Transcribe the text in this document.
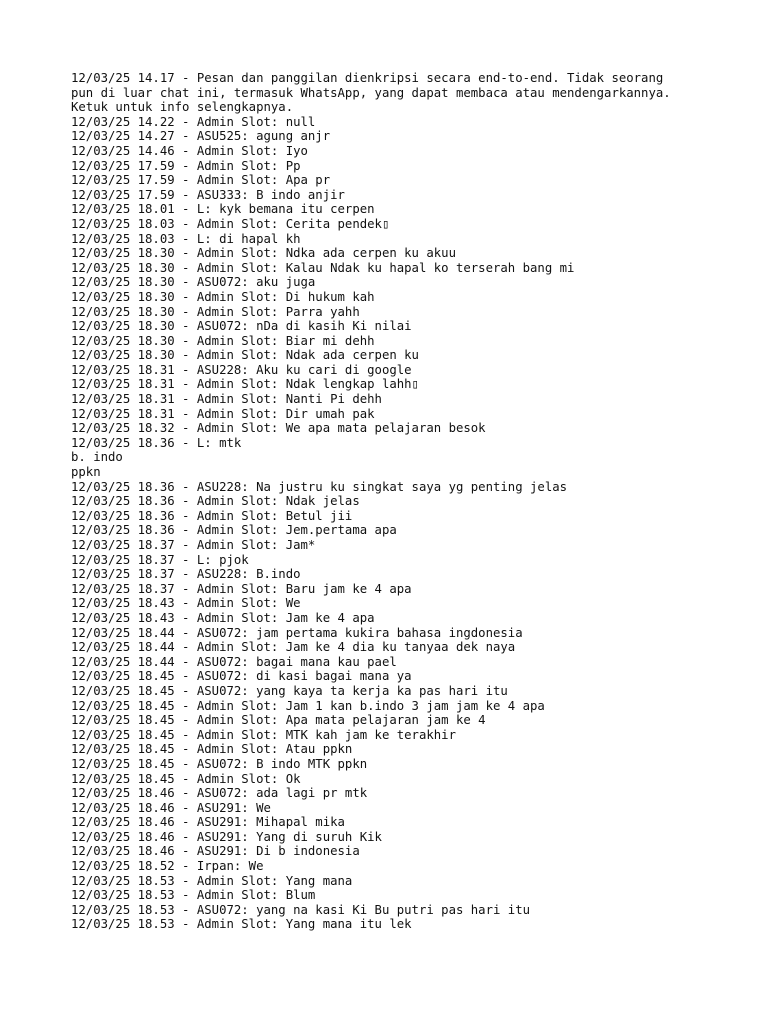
12/03/25 14.17 - Pesan dan panggilan dienkripsi secara end-to-end. Tidak seorang
pun di luar chat ini, termasuk WhatsApp, yang dapat membaca atau mendengarkannya.
Ketuk untuk info selengkapnya.
12/03/25 14.22 - Admin Slot: null
12/03/25 14.27 - ASU525: agung anjr
12/03/25 14.46 - Admin Slot: Iyo
12/03/25 17.59 - Admin Slot: Pp
12/03/25 17.59 - Admin Slot: Apa pr
12/03/25 17.59 - ASU333: B indo anjir
12/03/25 18.01 - L: kyk bemana itu cerpen
12/03/25 18.03 - Admin Slot: Cerita pendek▯
12/03/25 18.03 - L: di hapal kh
12/03/25 18.30 - Admin Slot: Ndka ada cerpen ku akuu
12/03/25 18.30 - Admin Slot: Kalau Ndak ku hapal ko terserah bang mi
12/03/25 18.30 - ASU072: aku juga
12/03/25 18.30 - Admin Slot: Di hukum kah
12/03/25 18.30 - Admin Slot: Parra yahh
12/03/25 18.30 - ASU072: nDa di kasih Ki nilai
12/03/25 18.30 - Admin Slot: Biar mi dehh
12/03/25 18.30 - Admin Slot: Ndak ada cerpen ku
12/03/25 18.31 - ASU228: Aku ku cari di google
12/03/25 18.31 - Admin Slot: Ndak lengkap lahh▯
12/03/25 18.31 - Admin Slot: Nanti Pi dehh
12/03/25 18.31 - Admin Slot: Dir umah pak
12/03/25 18.32 - Admin Slot: We apa mata pelajaran besok
12/03/25 18.36 - L: mtk
b. indo
ppkn
12/03/25 18.36 - ASU228: Na justru ku singkat saya yg penting jelas
12/03/25 18.36 - Admin Slot: Ndak jelas
12/03/25 18.36 - Admin Slot: Betul jii
12/03/25 18.36 - Admin Slot: Jem.pertama apa
12/03/25 18.37 - Admin Slot: Jam*
12/03/25 18.37 - L: pjok
12/03/25 18.37 - ASU228: B.indo
12/03/25 18.37 - Admin Slot: Baru jam ke 4 apa
12/03/25 18.43 - Admin Slot: We
12/03/25 18.43 - Admin Slot: Jam ke 4 apa
12/03/25 18.44 - ASU072: jam pertama kukira bahasa ingdonesia
12/03/25 18.44 - Admin Slot: Jam ke 4 dia ku tanyaa dek naya
12/03/25 18.44 - ASU072: bagai mana kau pael
12/03/25 18.45 - ASU072: di kasi bagai mana ya
12/03/25 18.45 - ASU072: yang kaya ta kerja ka pas hari itu
12/03/25 18.45 - Admin Slot: Jam 1 kan b.indo 3 jam jam ke 4 apa
12/03/25 18.45 - Admin Slot: Apa mata pelajaran jam ke 4
12/03/25 18.45 - Admin Slot: MTK kah jam ke terakhir
12/03/25 18.45 - Admin Slot: Atau ppkn
12/03/25 18.45 - ASU072: B indo MTK ppkn
12/03/25 18.45 - Admin Slot: Ok
12/03/25 18.46 - ASU072: ada lagi pr mtk
12/03/25 18.46 - ASU291: We
12/03/25 18.46 - ASU291: Mihapal mika
12/03/25 18.46 - ASU291: Yang di suruh Kik
12/03/25 18.46 - ASU291: Di b indonesia
12/03/25 18.52 - Irpan: We
12/03/25 18.53 - Admin Slot: Yang mana
12/03/25 18.53 - Admin Slot: Blum
12/03/25 18.53 - ASU072: yang na kasi Ki Bu putri pas hari itu
12/03/25 18.53 - Admin Slot: Yang mana itu lek
